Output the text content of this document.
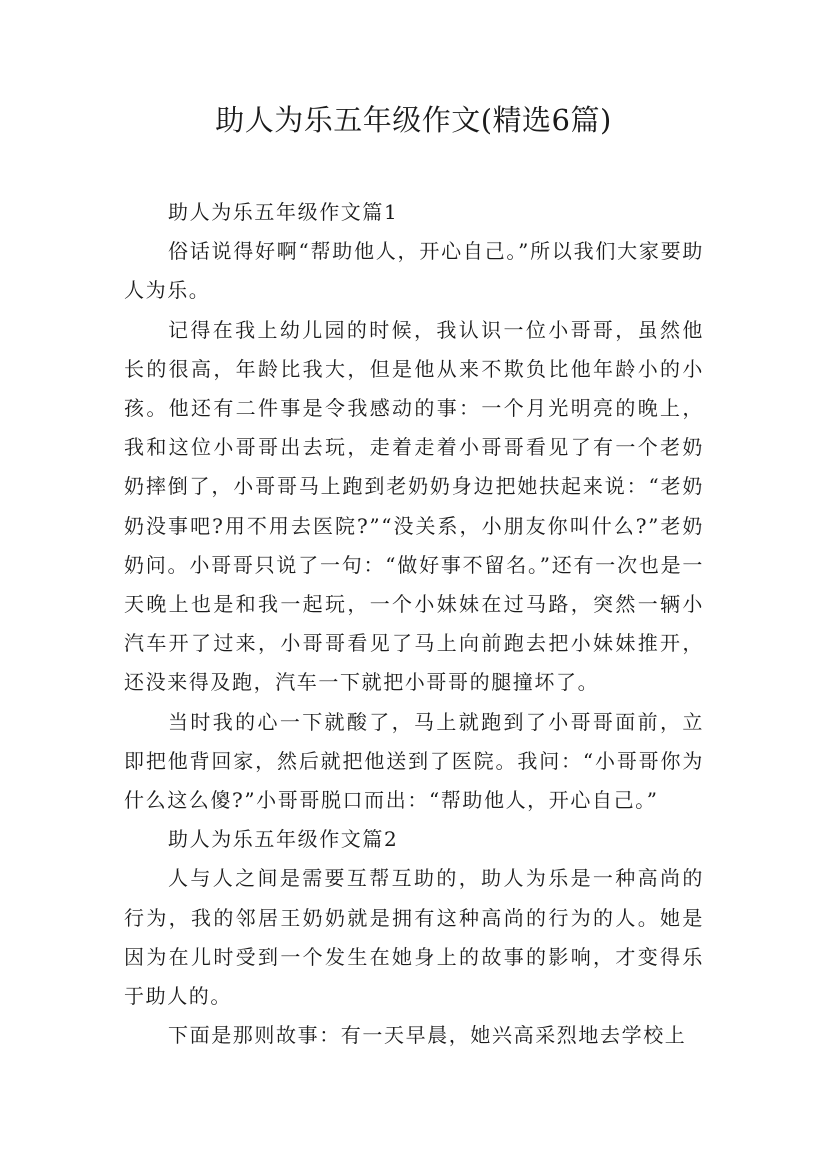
助人为乐五年级作文(精选6篇)

助人为乐五年级作文篇1

俗话说得好啊“帮助他人，开心自己。”所以我们大家要助人为乐。

记得在我上幼儿园的时候，我认识一位小哥哥，虽然他长的很高，年龄比我大，但是他从来不欺负比他年龄小的小孩。他还有二件事是令我感动的事：一个月光明亮的晚上，我和这位小哥哥出去玩，走着走着小哥哥看见了有一个老奶奶摔倒了，小哥哥马上跑到老奶奶身边把她扶起来说：“老奶奶没事吧?用不用去医院?”“没关系，小朋友你叫什么?”老奶奶问。小哥哥只说了一句：“做好事不留名。”还有一次也是一天晚上也是和我一起玩，一个小妹妹在过马路，突然一辆小汽车开了过来，小哥哥看见了马上向前跑去把小妹妹推开，还没来得及跑，汽车一下就把小哥哥的腿撞坏了。

当时我的心一下就酸了，马上就跑到了小哥哥面前，立即把他背回家，然后就把他送到了医院。我问：“小哥哥你为什么这么傻?”小哥哥脱口而出：“帮助他人，开心自己。”

助人为乐五年级作文篇2

人与人之间是需要互帮互助的，助人为乐是一种高尚的行为，我的邻居王奶奶就是拥有这种高尚的行为的人。她是因为在儿时受到一个发生在她身上的故事的影响，才变得乐于助人的。

下面是那则故事：有一天早晨，她兴高采烈地去学校上
